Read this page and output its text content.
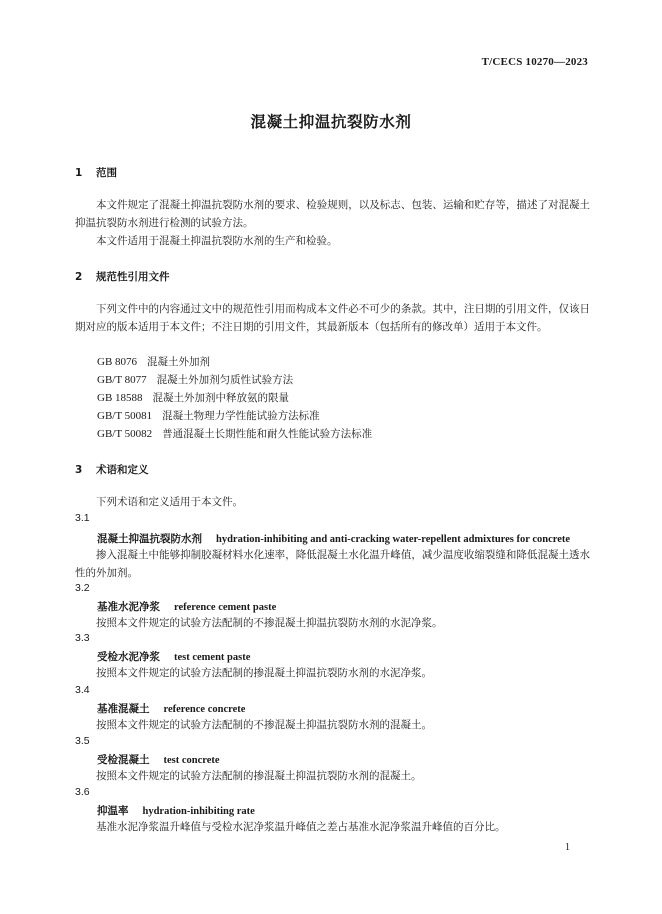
T/CECS 10270—2023
混凝土抑温抗裂防水剂
1 范围
本文件规定了混凝土抑温抗裂防水剂的要求、检验规则，以及标志、包装、运输和贮存等，描述了对混凝土抑温抗裂防水剂进行检测的试验方法。
本文件适用于混凝土抑温抗裂防水剂的生产和检验。
2 规范性引用文件
下列文件中的内容通过文中的规范性引用而构成本文件必不可少的条款。其中，注日期的引用文件，仅该日期对应的版本适用于本文件；不注日期的引用文件，其最新版本（包括所有的修改单）适用于本文件。
GB 8076 混凝土外加剂
GB/T 8077 混凝土外加剂匀质性试验方法
GB 18588 混凝土外加剂中释放氨的限量
GB/T 50081 混凝土物理力学性能试验方法标准
GB/T 50082 普通混凝土长期性能和耐久性能试验方法标准
3 术语和定义
下列术语和定义适用于本文件。
3.1
混凝土抑温抗裂防水剂 hydration-inhibiting and anti-cracking water-repellent admixtures for concrete
掺入混凝土中能够抑制胶凝材料水化速率，降低混凝土水化温升峰值，减少温度收缩裂缝和降低混凝土透水性的外加剂。
3.2
基准水泥净浆 reference cement paste
按照本文件规定的试验方法配制的不掺混凝土抑温抗裂防水剂的水泥净浆。
3.3
受检水泥净浆 test cement paste
按照本文件规定的试验方法配制的掺混凝土抑温抗裂防水剂的水泥净浆。
3.4
基准混凝土 reference concrete
按照本文件规定的试验方法配制的不掺混凝土抑温抗裂防水剂的混凝土。
3.5
受检混凝土 test concrete
按照本文件规定的试验方法配制的掺混凝土抑温抗裂防水剂的混凝土。
3.6
抑温率 hydration-inhibiting rate
基准水泥净浆温升峰值与受检水泥净浆温升峰值之差占基准水泥净浆温升峰值的百分比。
1
